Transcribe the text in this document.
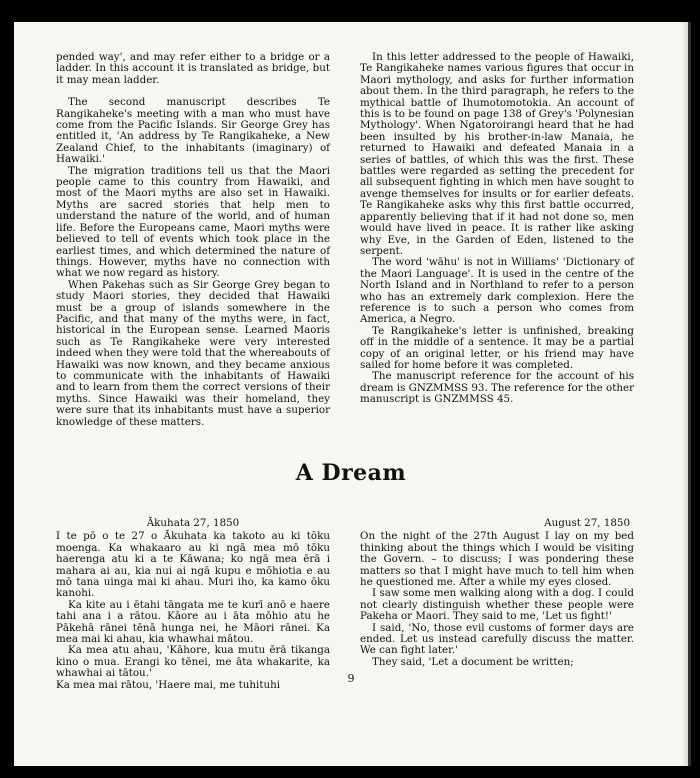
pended way', and may refer either to a bridge or a ladder. In this account it is translated as bridge, but it may mean ladder.

The second manuscript describes Te Rangikaheke's meeting with a man who must have come from the Pacific Islands. Sir George Grey has entitled it, 'An address by Te Rangikaheke, a New Zealand Chief, to the inhabitants (imaginary) of Hawaiki.'

The migration traditions tell us that the Maori people came to this country from Hawaiki, and most of the Maori myths are also set in Hawaiki. Myths are sacred stories that help men to understand the nature of the world, and of human life. Before the Europeans came, Maori myths were believed to tell of events which took place in the earliest times, and which determined the nature of things. However, myths have no connection with what we now regard as history.

When Pakehas such as Sir George Grey began to study Maori stories, they decided that Hawaiki must be a group of islands somewhere in the Pacific, and that many of the myths were, in fact, historical in the European sense. Learned Maoris such as Te Rangikaheke were very interested indeed when they were told that the whereabouts of Hawaiki was now known, and they became anxious to communicate with the inhabitants of Hawaiki and to learn from them the correct versions of their myths. Since Hawaiki was their homeland, they were sure that its inhabitants must have a superior knowledge of these matters.

In this letter addressed to the people of Hawaiki, Te Rangikaheke names various figures that occur in Maori mythology, and asks for further information about them. In the third paragraph, he refers to the mythical battle of Ihumotomotokia. An account of this is to be found on page 138 of Grey's 'Polynesian Mythology'. When Ngatoroirangi heard that he had been insulted by his brother-in-law Manaia, he returned to Hawaiki and defeated Manaia in a series of battles, of which this was the first. These battles were regarded as setting the precedent for all subsequent fighting in which men have sought to avenge themselves for insults or for earlier defeats. Te Rangikaheke asks why this first battle occurred, apparently believing that if it had not done so, men would have lived in peace. It is rather like asking why Eve, in the Garden of Eden, listened to the serpent.

The word 'wāhu' is not in Williams' 'Dictionary of the Maori Language'. It is used in the centre of the North Island and in Northland to refer to a person who has an extremely dark complexion. Here the reference is to such a person who comes from America, a Negro.

Te Rangikaheke's letter is unfinished, breaking off in the middle of a sentence. It may be a partial copy of an original letter, or his friend may have sailed for home before it was completed.

The manuscript reference for the account of his dream is GNZMMSS 93. The reference for the other manuscript is GNZMMSS 45.

A Dream
Ākuhata 27, 1850

I te pō o te 27 o Ākuhata ka takoto au ki tōku moenga. Ka whakaaro au ki ngā mea mō tōku haerenga atu ki a te Kāwana; ko ngā mea ērā i mahara ai au, kia nui ai ngā kupu e mōhiotia e au mō tana uinga mai ki ahau. Muri iho, ka kamo ōku kanohi.

Ka kite au i ētahi tāngata me te kurī anō e haere tahi ana i a rātou. Kāore au i āta mōhio atu he Pākehā rānei tēnā hunga nei, he Māori rānei. Ka mea mai ki ahau, kia whawhai mātou.

Ka mea atu ahau, 'Kāhore, kua mutu ērā tikanga kino o mua. Erangi ko tēnei, me āta whakarite, ka whawhai ai tātou.'

Ka mea mai rātou, 'Haere mai, me tuhituhi

August 27, 1850

On the night of the 27th August I lay on my bed thinking about the things which I would be visiting the Govern. – to discuss; I was pondering these matters so that I might have much to tell him when he questioned me. After a while my eyes closed.

I saw some men walking along with a dog. I could not clearly distinguish whether these people were Pakeha or Maori. They said to me, 'Let us fight!'

I said, 'No, those evil customs of former days are ended. Let us instead carefully discuss the matter. We can fight later.'

They said, 'Let a document be written;

9
